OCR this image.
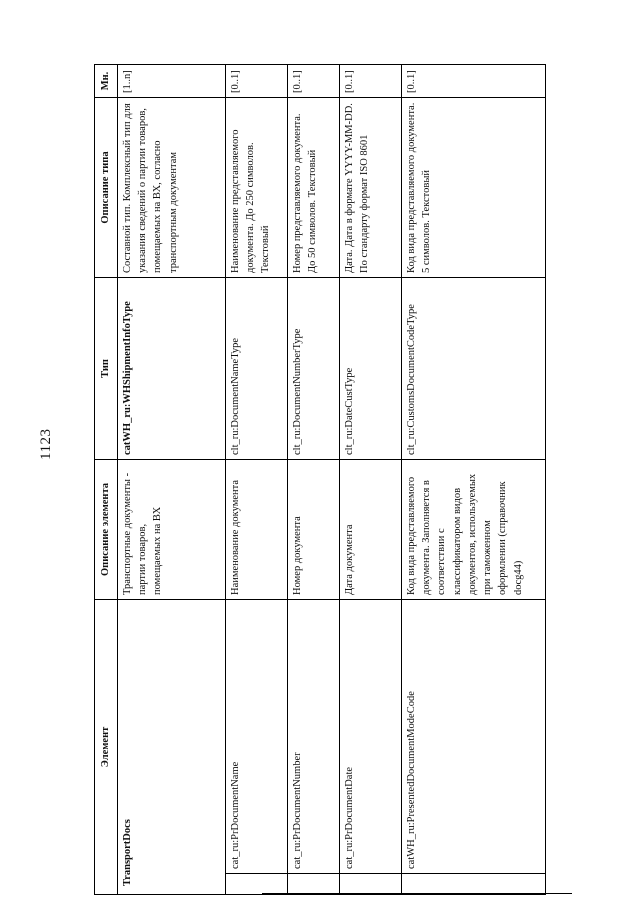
1123
Элемент	Описание элемента	Тип	Описание типа	Мн.

TransportDocs	Транспортные документы - партии товаров, помещаемых на ВХ	catWH_ru:WHShipmentInfoType	Составной тип. Комплексный тип для указания сведений о партии товаров, помещаемых на ВХ, согласно транспортным документам	[1..n]

cat_ru:PrDocumentName	Наименование документа	clt_ru:DocumentNameType	Наименование представляемого документа. До 250 символов. Текстовый	[0..1]

cat_ru:PrDocumentNumber	Номер документа	clt_ru:DocumentNumberType	Номер представляемого документа. До 50 символов. Текстовый	[0..1]

cat_ru:PrDocumentDate	Дата документа	clt_ru:DateCustType	Дата. Дата в формате YYYY-MM-DD. По стандарту формат ISO 8601	[0..1]

catWH_ru:PresentedDocumentModeCode	Код вида представляемого документа. Заполняется в соответствии с классификатором видов документов, используемых при таможенном оформлении (справочник docg44)	clt_ru:CustomsDocumentCodeType	Код вида представляемого документа. 5 символов. Текстовый	[0..1]
